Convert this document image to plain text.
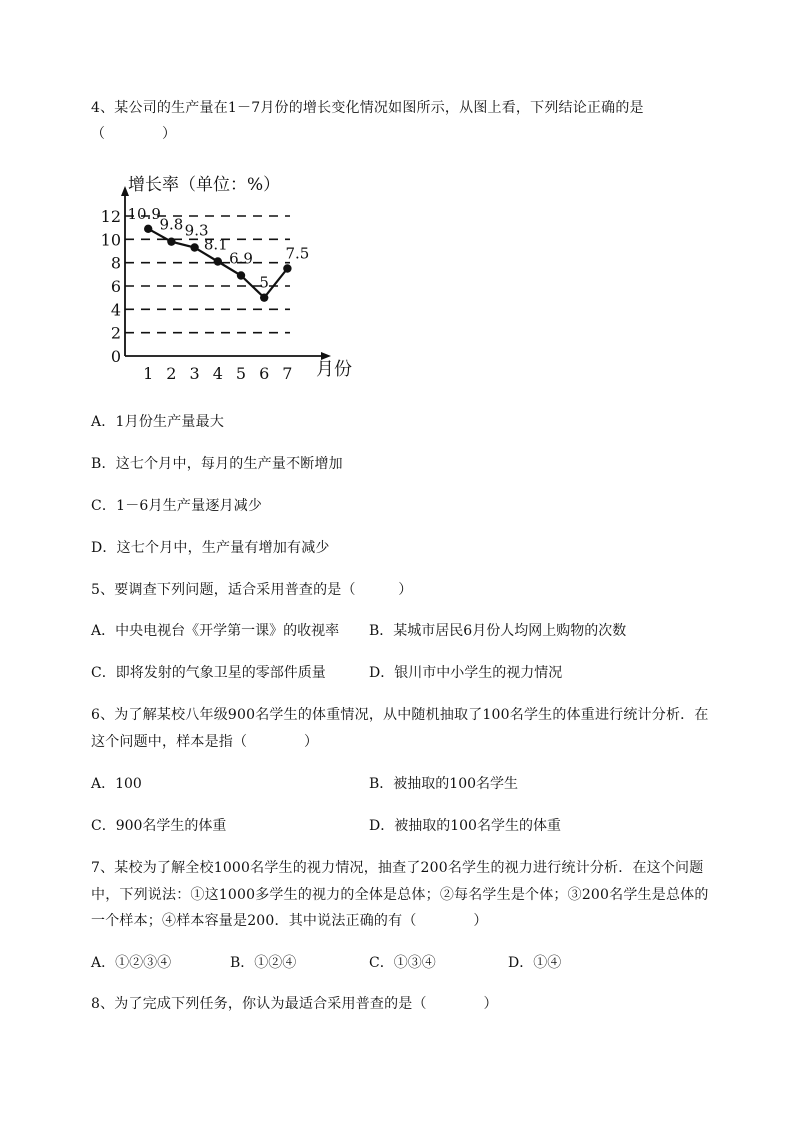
4、某公司的生产量在1－7月份的增长变化情况如图所示，从图上看，下列结论正确的是
（　　　　）
0
2
4
6
8
10
12
1 2 3 4 5 6 7
10.9
9.8 9.3
8.1
6.9
5
7.5
增长率（单位：%）
月份
A．1月份生产量最大
B．这七个月中，每月的生产量不断增加
C．1－6月生产量逐月减少
D．这七个月中，生产量有增加有减少
5、要调查下列问题，适合采用普查的是（　　　）
A．中央电视台《开学第一课》的收视率 B．某城市居民6月份人均网上购物的次数
C．即将发射的气象卫星的零部件质量	D．银川市中小学生的视力情况
6、为了解某校八年级900名学生的体重情况，从中随机抽取了100名学生的体重进行统计分析．在
这个问题中，样本是指（　　　　）
A．100	B．被抽取的100名学生
C．900名学生的体重	D．被抽取的100名学生的体重
7、某校为了解全校1000名学生的视力情况，抽查了200名学生的视力进行统计分析．在这个问题
中，下列说法：①这1000多学生的视力的全体是总体；②每名学生是个体；③200名学生是总体的
一个样本；④样本容量是200．其中说法正确的有（　　　　）
A．①②③④	B．①②④	C．①③④	D．①④
8、为了完成下列任务，你认为最适合采用普查的是（　　　　）
